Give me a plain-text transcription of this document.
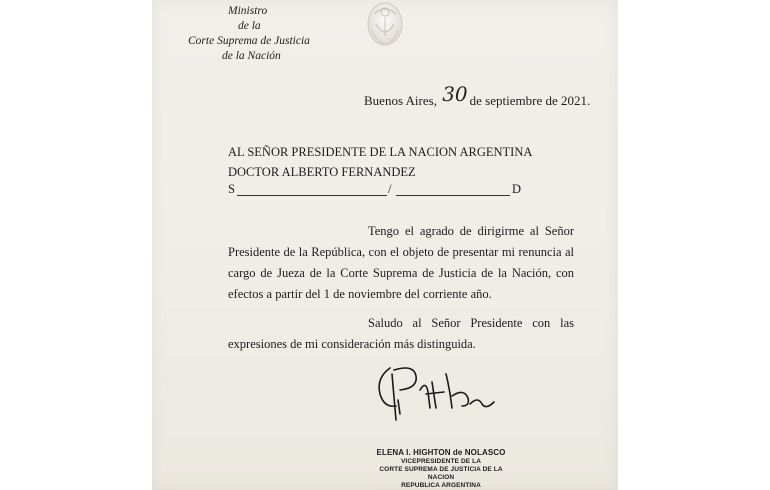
Ministro
de la
Corte Suprema de Justicia
de la Nación
Buenos Aires, 30 de septiembre de 2021.
AL SEÑOR PRESIDENTE DE LA NACION ARGENTINA
DOCTOR ALBERTO FERNANDEZ
S	/	D

Tengo el agrado de dirigirme al Señor Presidente de la República, con el objeto de presentar mi renuncia al cargo de Jueza de la Corte Suprema de Justicia de la Nación, con efectos a partir del 1 de noviembre del corriente año.

Saludo al Señor Presidente con las expresiones de mi consideración más distinguida.

ELENA I. HIGHTON de NOLASCO
VICEPRESIDENTE DE LA
CORTE SUPREMA DE JUSTICIA DE LA NACION
REPUBLICA ARGENTINA
